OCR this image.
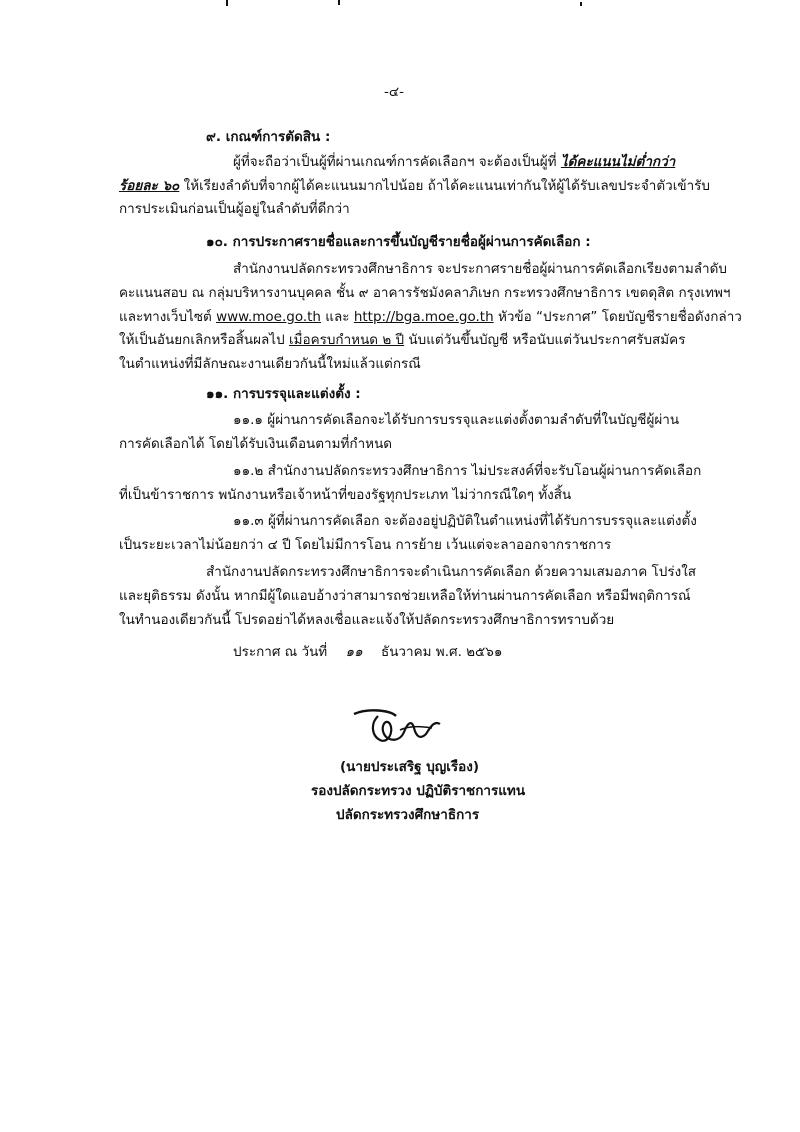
-๔-
๙. เกณฑ์การตัดสิน :
ผู้ที่จะถือว่าเป็นผู้ที่ผ่านเกณฑ์การคัดเลือกฯ จะต้องเป็นผู้ที่ ได้คะแนนไม่ต่ำกว่า
ร้อยละ ๖๐ ให้เรียงลำดับที่จากผู้ได้คะแนนมากไปน้อย ถ้าได้คะแนนเท่ากันให้ผู้ได้รับเลขประจำตัวเข้ารับ
การประเมินก่อนเป็นผู้อยู่ในลำดับที่ดีกว่า
๑๐. การประกาศรายชื่อและการขึ้นบัญชีรายชื่อผู้ผ่านการคัดเลือก :
สำนักงานปลัดกระทรวงศึกษาธิการ จะประกาศรายชื่อผู้ผ่านการคัดเลือกเรียงตามลำดับ
คะแนนสอบ ณ กลุ่มบริหารงานบุคคล ชั้น ๙ อาคารรัชมังคลาภิเษก กระทรวงศึกษาธิการ เขตดุสิต กรุงเทพฯ
และทางเว็บไซต์ www.moe.go.th และ http://bga.moe.go.th หัวข้อ “ประกาศ” โดยบัญชีรายชื่อดังกล่าว
ให้เป็นอันยกเลิกหรือสิ้นผลไป เมื่อครบกำหนด ๒ ปี นับแต่วันขึ้นบัญชี หรือนับแต่วันประกาศรับสมัคร
ในตำแหน่งที่มีลักษณะงานเดียวกันนี้ใหม่แล้วแต่กรณี
๑๑. การบรรจุและแต่งตั้ง :
๑๑.๑ ผู้ผ่านการคัดเลือกจะได้รับการบรรจุและแต่งตั้งตามลำดับที่ในบัญชีผู้ผ่าน
การคัดเลือกได้ โดยได้รับเงินเดือนตามที่กำหนด
๑๑.๒ สำนักงานปลัดกระทรวงศึกษาธิการ ไม่ประสงค์ที่จะรับโอนผู้ผ่านการคัดเลือก
ที่เป็นข้าราชการ พนักงานหรือเจ้าหน้าที่ของรัฐทุกประเภท ไม่ว่ากรณีใดๆ ทั้งสิ้น
๑๑.๓ ผู้ที่ผ่านการคัดเลือก จะต้องอยู่ปฏิบัติในตำแหน่งที่ได้รับการบรรจุและแต่งตั้ง
เป็นระยะเวลาไม่น้อยกว่า ๔ ปี โดยไม่มีการโอน การย้าย เว้นแต่จะลาออกจากราชการ
สำนักงานปลัดกระทรวงศึกษาธิการจะดำเนินการคัดเลือก ด้วยความเสมอภาค โปร่งใส
และยุติธรรม ดังนั้น หากมีผู้ใดแอบอ้างว่าสามารถช่วยเหลือให้ท่านผ่านการคัดเลือก หรือมีพฤติการณ์
ในทำนองเดียวกันนี้ โปรดอย่าได้หลงเชื่อและแจ้งให้ปลัดกระทรวงศึกษาธิการทราบด้วย
ประกาศ ณ วันที่ ๑๑ ธันวาคม พ.ศ. ๒๕๖๑
(นายประเสริฐ บุญเรือง)
รองปลัดกระทรวง ปฏิบัติราชการแทน
ปลัดกระทรวงศึกษาธิการ
